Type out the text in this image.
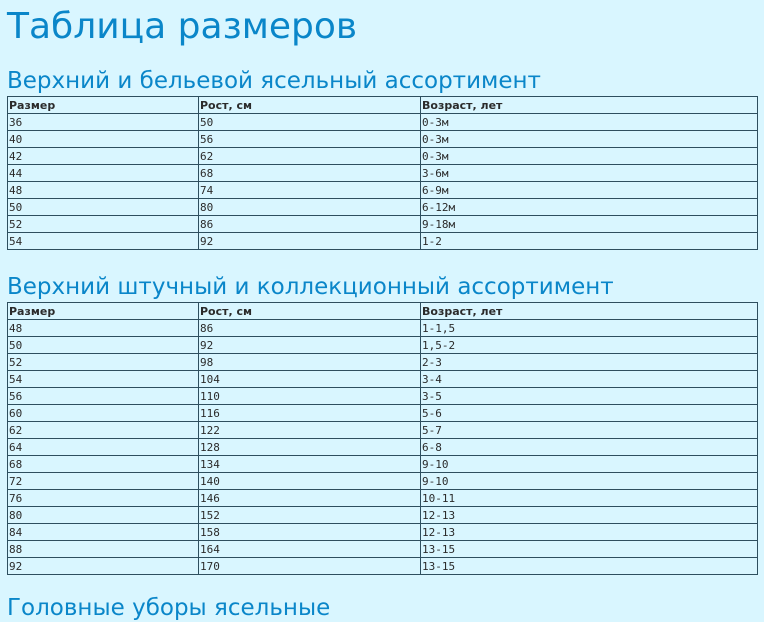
Таблица размеров
Верхний и бельевой ясельный ассортимент
Размер	Рост, см	Возраст, лет
36	50	0-3м
40	56	0-3м
42	62	0-3м
44	68	3-6м
48	74	6-9м
50	80	6-12м
52	86	9-18м
54	92	1-2
Верхний штучный и коллекционный ассортимент
Размер	Рост, см	Возраст, лет
48	86	1-1,5
50	92	1,5-2
52	98	2-3
54	104	3-4
56	110	3-5
60	116	5-6
62	122	5-7
64	128	6-8
68	134	9-10
72	140	9-10
76	146	10-11
80	152	12-13
84	158	12-13
88	164	13-15
92	170	13-15
Головные уборы ясельные
